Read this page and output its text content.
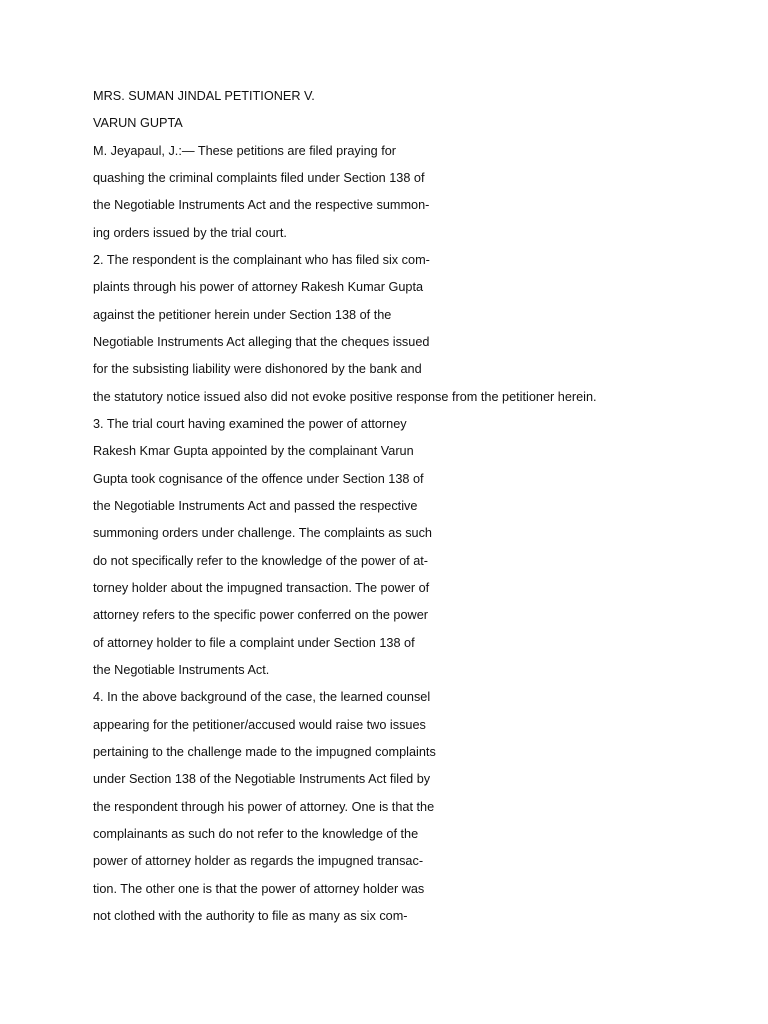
MRS. SUMAN JINDAL PETITIONER V.
VARUN GUPTA
M. Jeyapaul, J.:— These petitions are filed praying for
quashing the criminal complaints filed under Section 138 of
the Negotiable Instruments Act and the respective summon-
ing orders issued by the trial court.
2. The respondent is the complainant who has filed six com-
plaints through his power of attorney Rakesh Kumar Gupta
against the petitioner herein under Section 138 of the
Negotiable Instruments Act alleging that the cheques issued
for the subsisting liability were dishonored by the bank and
the statutory notice issued also did not evoke positive response from the petitioner herein.
3. The trial court having examined the power of attorney
Rakesh Kmar Gupta appointed by the complainant Varun
Gupta took cognisance of the offence under Section 138 of
the Negotiable Instruments Act and passed the respective
summoning orders under challenge. The complaints as such
do not specifically refer to the knowledge of the power of at-
torney holder about the impugned transaction. The power of
attorney refers to the specific power conferred on the power
of attorney holder to file a complaint under Section 138 of
the Negotiable Instruments Act.
4. In the above background of the case, the learned counsel
appearing for the petitioner/accused would raise two issues
pertaining to the challenge made to the impugned complaints
under Section 138 of the Negotiable Instruments Act filed by
the respondent through his power of attorney. One is that the
complainants as such do not refer to the knowledge of the
power of attorney holder as regards the impugned transac-
tion. The other one is that the power of attorney holder was
not clothed with the authority to file as many as six com-
